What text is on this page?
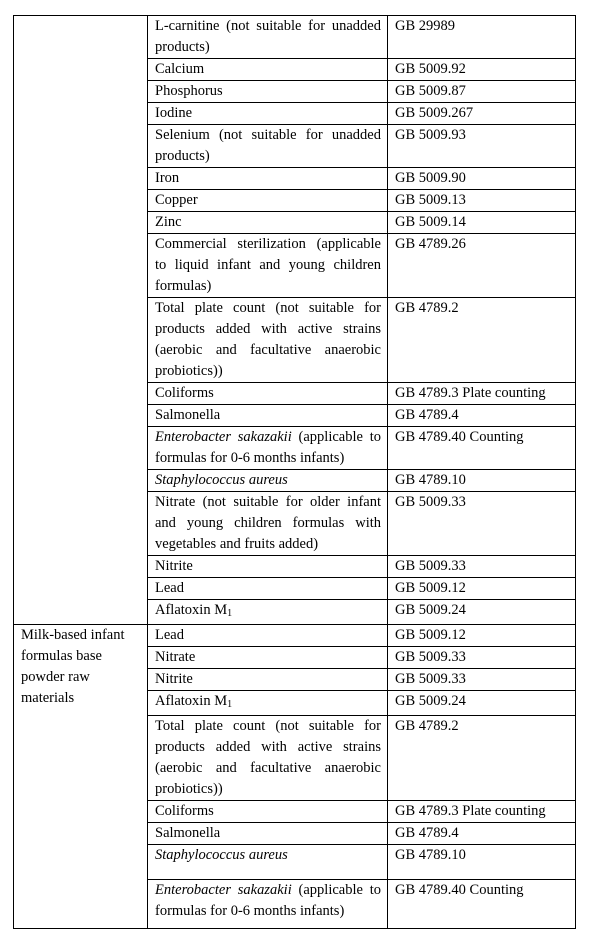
	L-carnitine (not suitable for unadded products)	GB 29989
	Calcium	GB 5009.92
	Phosphorus	GB 5009.87
	Iodine	GB 5009.267
	Selenium (not suitable for unadded products)	GB 5009.93
	Iron	GB 5009.90
	Copper	GB 5009.13
	Zinc	GB 5009.14
	Commercial sterilization (applicable to liquid infant and young children formulas)	GB 4789.26
	Total plate count (not suitable for products added with active strains (aerobic and facultative anaerobic probiotics))	GB 4789.2
	Coliforms	GB 4789.3 Plate counting
	Salmonella	GB 4789.4
	Enterobacter sakazakii (applicable to formulas for 0-6 months infants)	GB 4789.40 Counting
	Staphylococcus aureus	GB 4789.10
	Nitrate (not suitable for older infant and young children formulas with vegetables and fruits added)	GB 5009.33
	Nitrite	GB 5009.33
	Lead	GB 5009.12
	Aflatoxin $M_1$	GB 5009.24
Milk-based infant formulas base powder raw materials	Lead	GB 5009.12
	Nitrate	GB 5009.33
	Nitrite	GB 5009.33
	Aflatoxin $M_1$	GB 5009.24
	Total plate count (not suitable for products added with active strains (aerobic and facultative anaerobic probiotics))	GB 4789.2
	Coliforms	GB 4789.3 Plate counting
	Salmonella	GB 4789.4
	Staphylococcus aureus	GB 4789.10
	Enterobacter sakazakii (applicable to formulas for 0-6 months infants)	GB 4789.40 Counting
